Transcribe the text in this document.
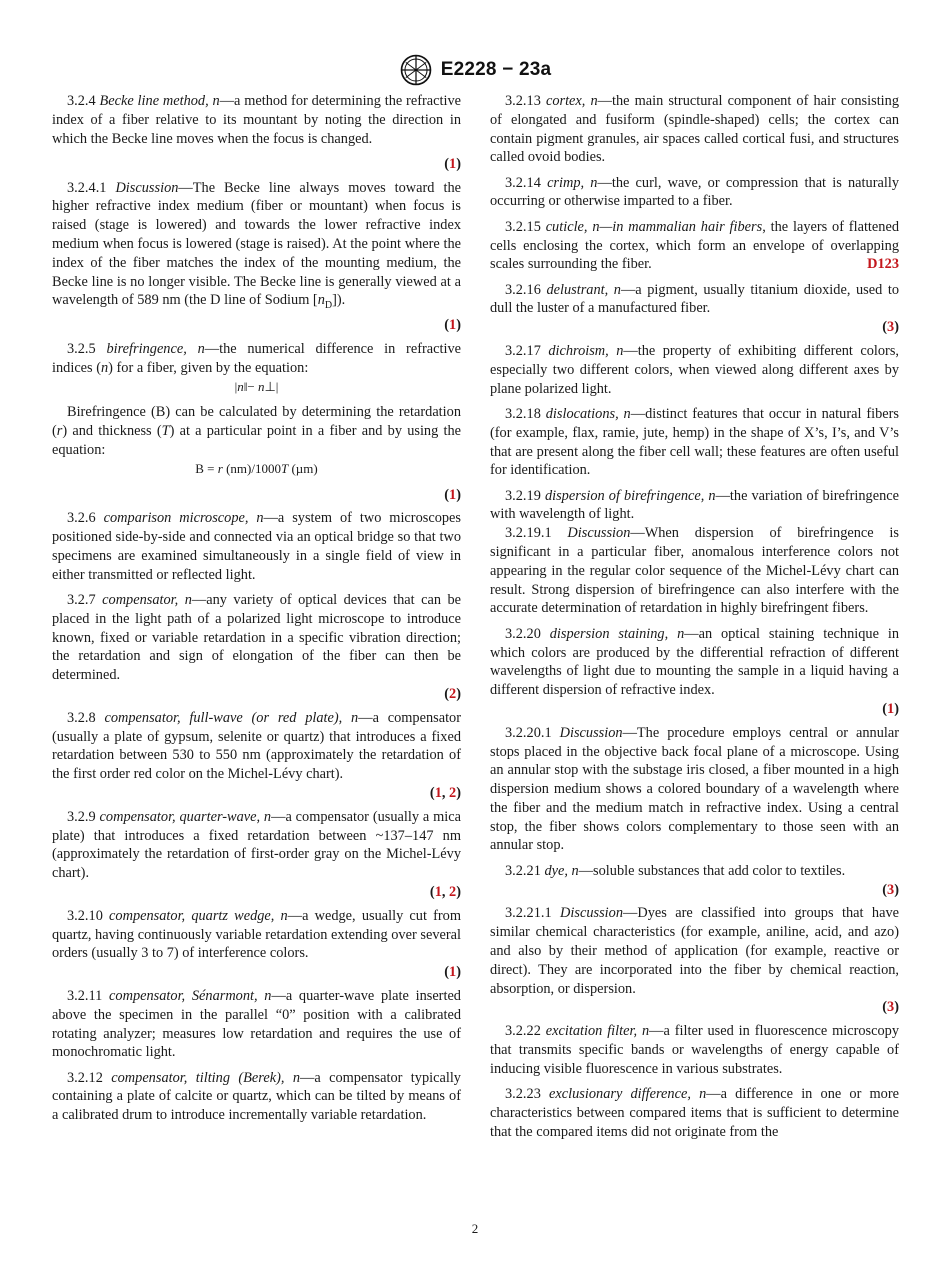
E2228 − 23a

3.2.4 Becke line method, n—a method for determining the refractive index of a fiber relative to its mountant by noting the direction in which the Becke line moves when the focus is changed.

(1)

3.2.4.1 Discussion—The Becke line always moves toward the higher refractive index medium (fiber or mountant) when focus is raised (stage is lowered) and towards the lower refractive index medium when focus is lowered (stage is raised). At the point where the index of the fiber matches the index of the mounting medium, the Becke line is no longer visible. The Becke line is generally viewed at a wavelength of 589 nm (the D line of Sodium $[n_D]$).

(1)

3.2.5 birefringence, n—the numerical difference in refractive indices (n) for a fiber, given by the equation:

|n‖− n⊥|

Birefringence (B) can be calculated by determining the retardation (r) and thickness (T) at a particular point in a fiber and by using the equation:

B = r (nm)/1000T (µm)
(1)

3.2.6 comparison microscope, n—a system of two microscopes positioned side-by-side and connected via an optical bridge so that two specimens are examined simultaneously in a single field of view in either transmitted or reflected light.

3.2.7 compensator, n—any variety of optical devices that can be placed in the light path of a polarized light microscope to introduce known, fixed or variable retardation in a specific vibration direction; the retardation and sign of elongation of the fiber can then be determined.

(2)

3.2.8 compensator, full-wave (or red plate), n—a compensator (usually a plate of gypsum, selenite or quartz) that introduces a fixed retardation between 530 to 550 nm (approximately the retardation of the first order red color on the Michel-Lévy chart).

(1, 2)

3.2.9 compensator, quarter-wave, n—a compensator (usually a mica plate) that introduces a fixed retardation between ~137–147 nm (approximately the retardation of first-order gray on the Michel-Lévy chart).

(1, 2)

3.2.10 compensator, quartz wedge, n—a wedge, usually cut from quartz, having continuously variable retardation extending over several orders (usually 3 to 7) of interference colors.

(1)

3.2.11 compensator, Sénarmont, n—a quarter-wave plate inserted above the specimen in the parallel “0” position with a calibrated rotating analyzer; measures low retardation and requires the use of monochromatic light.

3.2.12 compensator, tilting (Berek), n—a compensator typically containing a plate of calcite or quartz, which can be tilted by means of a calibrated drum to introduce incrementally variable retardation.

3.2.13 cortex, n—the main structural component of hair consisting of elongated and fusiform (spindle-shaped) cells; the cortex can contain pigment granules, air spaces called cortical fusi, and structures called ovoid bodies.

3.2.14 crimp, n—the curl, wave, or compression that is naturally occurring or otherwise imparted to a fiber.

3.2.15 cuticle, n—in mammalian hair fibers, the layers of flattened cells enclosing the cortex, which form an envelope of overlapping scales surrounding the fiber.	D123

3.2.16 delustrant, n—a pigment, usually titanium dioxide, used to dull the luster of a manufactured fiber.

(3)

3.2.17 dichroism, n—the property of exhibiting different colors, especially two different colors, when viewed along different axes by plane polarized light.

3.2.18 dislocations, n—distinct features that occur in natural fibers (for example, flax, ramie, jute, hemp) in the shape of X’s, I’s, and V’s that are present along the fiber cell wall; these features are often useful for identification.

3.2.19 dispersion of birefringence, n—the variation of birefringence with wavelength of light.

3.2.19.1 Discussion—When dispersion of birefringence is significant in a particular fiber, anomalous interference colors not appearing in the regular color sequence of the Michel-Lévy chart can result. Strong dispersion of birefringence can also interfere with the accurate determination of retardation in highly birefringent fibers.

3.2.20 dispersion staining, n—an optical staining technique in which colors are produced by the differential refraction of different wavelengths of light due to mounting the sample in a liquid having a different dispersion of refractive index.

(1)

3.2.20.1 Discussion—The procedure employs central or annular stops placed in the objective back focal plane of a microscope. Using an annular stop with the substage iris closed, a fiber mounted in a high dispersion medium shows a colored boundary of a wavelength where the fiber and the medium match in refractive index. Using a central stop, the fiber shows colors complementary to those seen with an annular stop.

3.2.21 dye, n—soluble substances that add color to textiles.

(3)

3.2.21.1 Discussion—Dyes are classified into groups that have similar chemical characteristics (for example, aniline, acid, and azo) and also by their method of application (for example, reactive or direct). They are incorporated into the fiber by chemical reaction, absorption, or dispersion.

(3)

3.2.22 excitation filter, n—a filter used in fluorescence microscopy that transmits specific bands or wavelengths of energy capable of inducing visible fluorescence in various substrates.

3.2.23 exclusionary difference, n—a difference in one or more characteristics between compared items that is sufficient to determine that the compared items did not originate from the

2
